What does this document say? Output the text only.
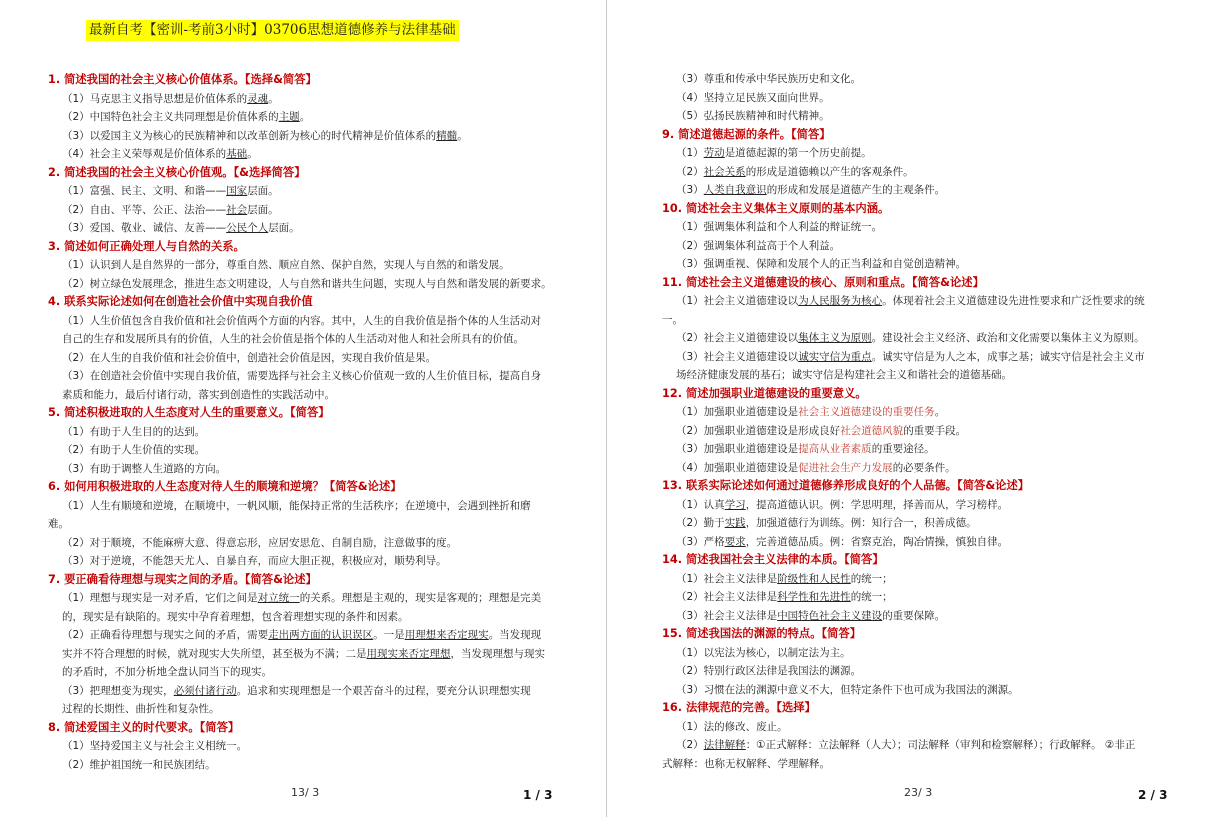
最新自考【密训-考前3小时】03706思想道德修养与法律基础
1. 简述我国的社会主义核心价值体系。【选择&简答】
（1）马克思主义指导思想是价值体系的灵魂。
（2）中国特色社会主义共同理想是价值体系的主题。
（3）以爱国主义为核心的民族精神和以改革创新为核心的时代精神是价值体系的精髓。
（4）社会主义荣辱观是价值体系的基础。
2. 简述我国的社会主义核心价值观。【&选择简答】
（1）富强、民主、文明、和谐——国家层面。
（2）自由、平等、公正、法治——社会层面。
（3）爱国、敬业、诚信、友善——公民个人层面。
3. 简述如何正确处理人与自然的关系。
（1）认识到人是自然界的一部分，尊重自然、顺应自然、保护自然，实现人与自然的和谐发展。
（2）树立绿色发展理念，推进生态文明建设，人与自然和谐共生问题，实现人与自然和谐发展的新要求。
4. 联系实际论述如何在创造社会价值中实现自我价值
（1）人生价值包含自我价值和社会价值两个方面的内容。其中，人生的自我价值是指个体的人生活动对
自己的生存和发展所具有的价值，人生的社会价值是指个体的人生活动对他人和社会所具有的价值。
（2）在人生的自我价值和社会价值中，创造社会价值是因，实现自我价值是果。
（3）在创造社会价值中实现自我价值，需要选择与社会主义核心价值观一致的人生价值目标，提高自身
素质和能力，最后付诸行动，落实到创造性的实践活动中。
5. 简述积极进取的人生态度对人生的重要意义。【简答】
（1）有助于人生目的的达到。
（2）有助于人生价值的实现。
（3）有助于调整人生道路的方向。
6. 如何用积极进取的人生态度对待人生的顺境和逆境？【简答&论述】
（1）人生有顺境和逆境，在顺境中，一帆风顺，能保持正常的生活秩序；在逆境中，会遇到挫折和磨
难。
（2）对于顺境，不能麻痹大意、得意忘形，应居安思危、自制自励，注意做事的度。
（3）对于逆境，不能怨天尤人、自暴自弃，而应大胆正视，积极应对，顺势利导。
7. 要正确看待理想与现实之间的矛盾。【简答&论述】
（1）理想与现实是一对矛盾，它们之间是对立统一的关系。理想是主观的，现实是客观的；理想是完美
的，现实是有缺陷的。现实中孕育着理想，包含着理想实现的条件和因素。
（2）正确看待理想与现实之间的矛盾，需要走出两方面的认识误区。一是用理想来否定现实。当发现现
实并不符合理想的时候，就对现实大失所望，甚至极为不满；二是用现实来否定理想，当发现理想与现实
的矛盾时，不加分析地全盘认同当下的现实。
（3）把理想变为现实，必须付诸行动。追求和实现理想是一个艰苦奋斗的过程，要充分认识理想实现
过程的长期性、曲折性和复杂性。
8. 简述爱国主义的时代要求。【简答】
（1）坚持爱国主义与社会主义相统一。
（2）维护祖国统一和民族团结。
13/ 3	1 / 3
（3）尊重和传承中华民族历史和文化。
（4）坚持立足民族又面向世界。
（5）弘扬民族精神和时代精神。
9. 简述道德起源的条件。【简答】
（1）劳动是道德起源的第一个历史前提。
（2）社会关系的形成是道德赖以产生的客观条件。
（3）人类自我意识的形成和发展是道德产生的主观条件。
10. 简述社会主义集体主义原则的基本内涵。
（1）强调集体利益和个人利益的辩证统一。
（2）强调集体利益高于个人利益。
（3）强调重视、保障和发展个人的正当利益和自觉创造精神。
11. 简述社会主义道德建设的核心、原则和重点。【简答&论述】
（1）社会主义道德建设以为人民服务为核心。体现着社会主义道德建设先进性要求和广泛性要求的统
一。
（2）社会主义道德建设以集体主义为原则。建设社会主义经济、政治和文化需要以集体主义为原则。
（3）社会主义道德建设以诚实守信为重点。诚实守信是为人之本，成事之基；诚实守信是社会主义市
场经济健康发展的基石；诚实守信是构建社会主义和谐社会的道德基础。
12. 简述加强职业道德建设的重要意义。
（1）加强职业道德建设是社会主义道德建设的重要任务。
（2）加强职业道德建设是形成良好社会道德风貌的重要手段。
（3）加强职业道德建设是提高从业者素质的重要途径。
（4）加强职业道德建设是促进社会生产力发展的必要条件。
13. 联系实际论述如何通过道德修养形成良好的个人品德。【简答&论述】
（1）认真学习，提高道德认识。例：学思明理，择善而从，学习榜样。
（2）勤于实践，加强道德行为训练。例：知行合一，积善成德。
（3）严格要求，完善道德品质。例：省察克治，陶冶情操，慎独自律。
14. 简述我国社会主义法律的本质。【简答】
（1）社会主义法律是阶级性和人民性的统一；
（2）社会主义法律是科学性和先进性的统一；
（3）社会主义法律是中国特色社会主义建设的重要保障。
15. 简述我国法的渊源的特点。【简答】
（1）以宪法为核心，以制定法为主。
（2）特别行政区法律是我国法的渊源。
（3）习惯在法的渊源中意义不大，但特定条件下也可成为我国法的渊源。
16. 法律规范的完善。【选择】
（1）法的修改、废止。
（2）法律解释：①正式解释：立法解释（人大）；司法解释（审判和检察解释）；行政解释。 ②非正
式解释：也称无权解释、学理解释。
23/ 3	2 / 3
